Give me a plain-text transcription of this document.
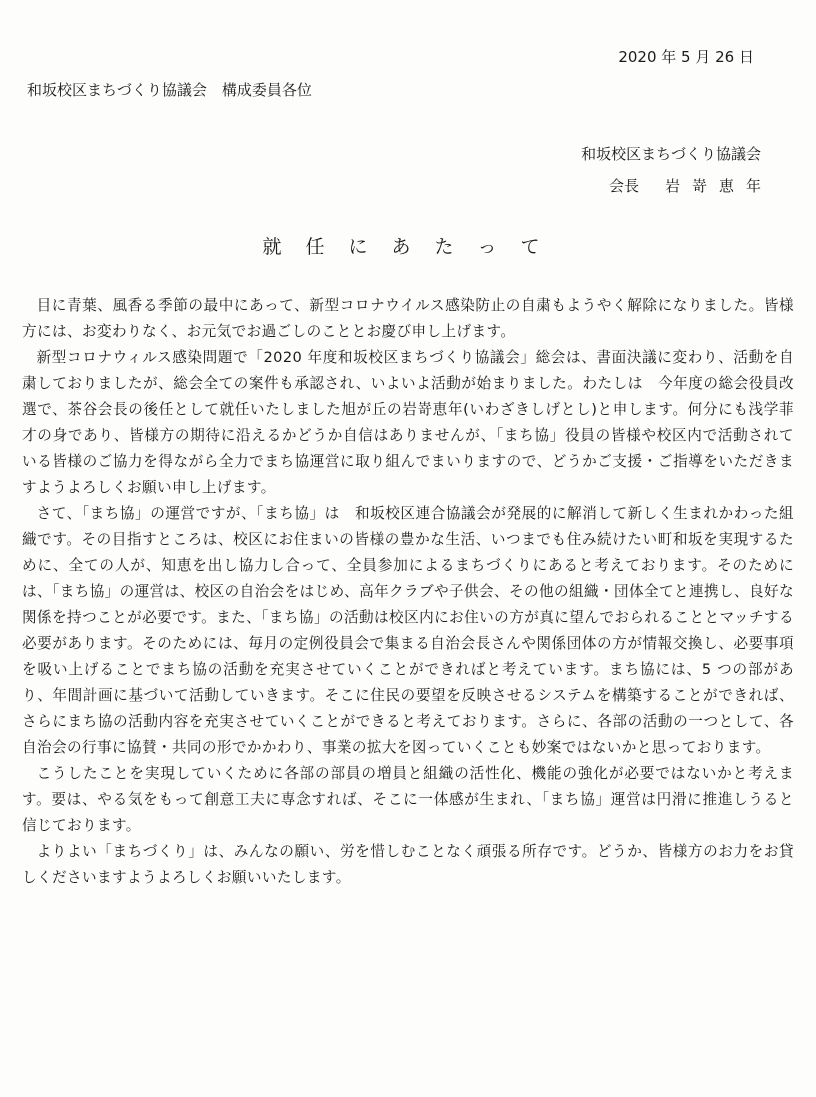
2020 年 5 月 26 日
和坂校区まちづくり協議会　構成委員各位
和坂校区まちづくり協議会
会長 岩嵜恵年
就任にあたって

目に青葉、風香る季節の最中にあって、新型コロナウイルス感染防止の自粛もようやく解除になりました。皆様方には、お変わりなく、お元気でお過ごしのこととお慶び申し上げます。

新型コロナウィルス感染問題で「2020 年度和坂校区まちづくり協議会」総会は、書面決議に変わり、活動を自粛しておりましたが、総会全ての案件も承認され、いよいよ活動が始まりました。わたしは　今年度の総会役員改選で、茶谷会長の後任として就任いたしました旭が丘の岩嵜恵年(いわざきしげとし)と申します。何分にも浅学菲才の身であり、皆様方の期待に沿えるかどうか自信はありませんが、「まち協」役員の皆様や校区内で活動されている皆様のご協力を得ながら全力でまち協運営に取り組んでまいりますので、どうかご支援・ご指導をいただきますようよろしくお願い申し上げます。

さて、「まち協」の運営ですが、「まち協」は　和坂校区連合協議会が発展的に解消して新しく生まれかわった組織です。その目指すところは、校区にお住まいの皆様の豊かな生活、いつまでも住み続けたい町和坂を実現するために、全ての人が、知恵を出し協力し合って、全員参加によるまちづくりにあると考えております。そのためには、「まち協」の運営は、校区の自治会をはじめ、高年クラブや子供会、その他の組織・団体全てと連携し、良好な関係を持つことが必要です。また、「まち協」の活動は校区内にお住いの方が真に望んでおられることとマッチする必要があります。そのためには、毎月の定例役員会で集まる自治会長さんや関係団体の方が情報交換し、必要事項を吸い上げることでまち協の活動を充実させていくことができればと考えています。まち協には、5 つの部があり、年間計画に基づいて活動していきます。そこに住民の要望を反映させるシステムを構築することができれば、さらにまち協の活動内容を充実させていくことができると考えております。さらに、各部の活動の一つとして、各自治会の行事に協賛・共同の形でかかわり、事業の拡大を図っていくことも妙案ではないかと思っております。

こうしたことを実現していくために各部の部員の増員と組織の活性化、機能の強化が必要ではないかと考えます。要は、やる気をもって創意工夫に専念すれば、そこに一体感が生まれ、「まち協」運営は円滑に推進しうると信じております。

よりよい「まちづくり」は、みんなの願い、労を惜しむことなく頑張る所存です。どうか、皆様方のお力をお貸しくださいますようよろしくお願いいたします。
